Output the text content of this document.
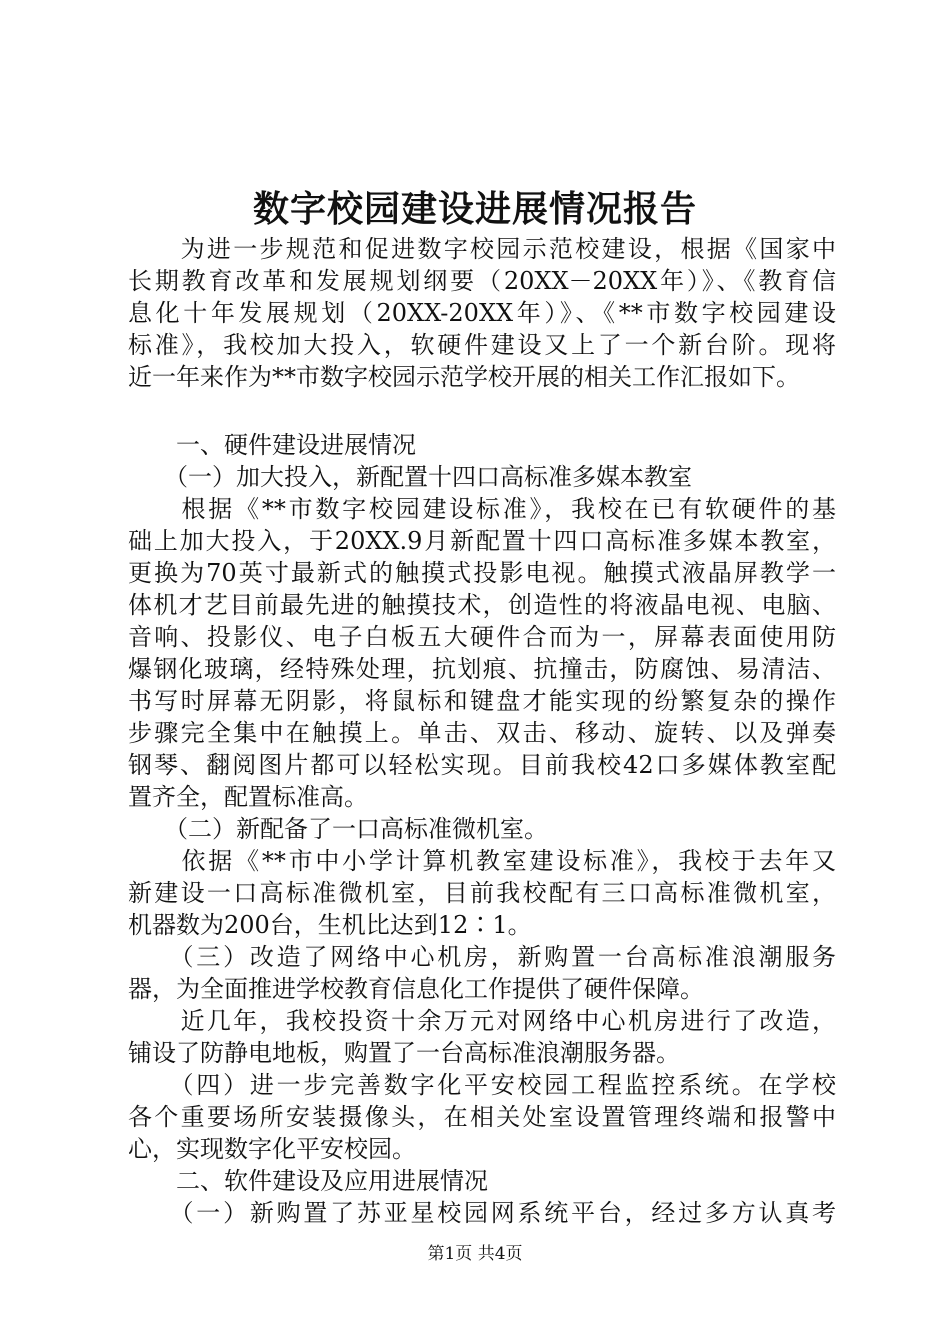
数字校园建设进展情况报告
　　为进一步规范和促进数字校园示范校建设，根据《国家中
长期教育改革和发展规划纲要（20XX－20XX年）》、《教育信
息化十年发展规划（20XX-20XX年）》、《**市数字校园建设
标准》，我校加大投入，软硬件建设又上了一个新台阶。现将
近一年来作为**市数字校园示范学校开展的相关工作汇报如下。
　　一、硬件建设进展情况
　　（一）加大投入，新配置十四口高标准多媒本教室
　　根据《**市数字校园建设标准》，我校在已有软硬件的基
础上加大投入，于20XX.9月新配置十四口高标准多媒本教室，
更换为70英寸最新式的触摸式投影电视。触摸式液晶屏教学一
体机才艺目前最先进的触摸技术，创造性的将液晶电视、电脑、
音响、投影仪、电子白板五大硬件合而为一，屏幕表面使用防
爆钢化玻璃，经特殊处理，抗划痕、抗撞击，防腐蚀、易清洁、
书写时屏幕无阴影，将鼠标和键盘才能实现的纷繁复杂的操作
步骤完全集中在触摸上。单击、双击、移动、旋转、以及弹奏
钢琴、翻阅图片都可以轻松实现。目前我校42口多媒体教室配
置齐全，配置标准高。
　　（二）新配备了一口高标准微机室。
　　依据《**市中小学计算机教室建设标准》，我校于去年又
新建设一口高标准微机室，目前我校配有三口高标准微机室，
机器数为200台，生机比达到12∶1。
　　（三）改造了网络中心机房，新购置一台高标准浪潮服务
器，为全面推进学校教育信息化工作提供了硬件保障。
　　近几年，我校投资十余万元对网络中心机房进行了改造，
铺设了防静电地板，购置了一台高标准浪潮服务器。
　　（四）进一步完善数字化平安校园工程监控系统。在学校
各个重要场所安装摄像头，在相关处室设置管理终端和报警中
心，实现数字化平安校园。
　　二、软件建设及应用进展情况
　　（一）新购置了苏亚星校园网系统平台，经过多方认真考
第1页 共4页
